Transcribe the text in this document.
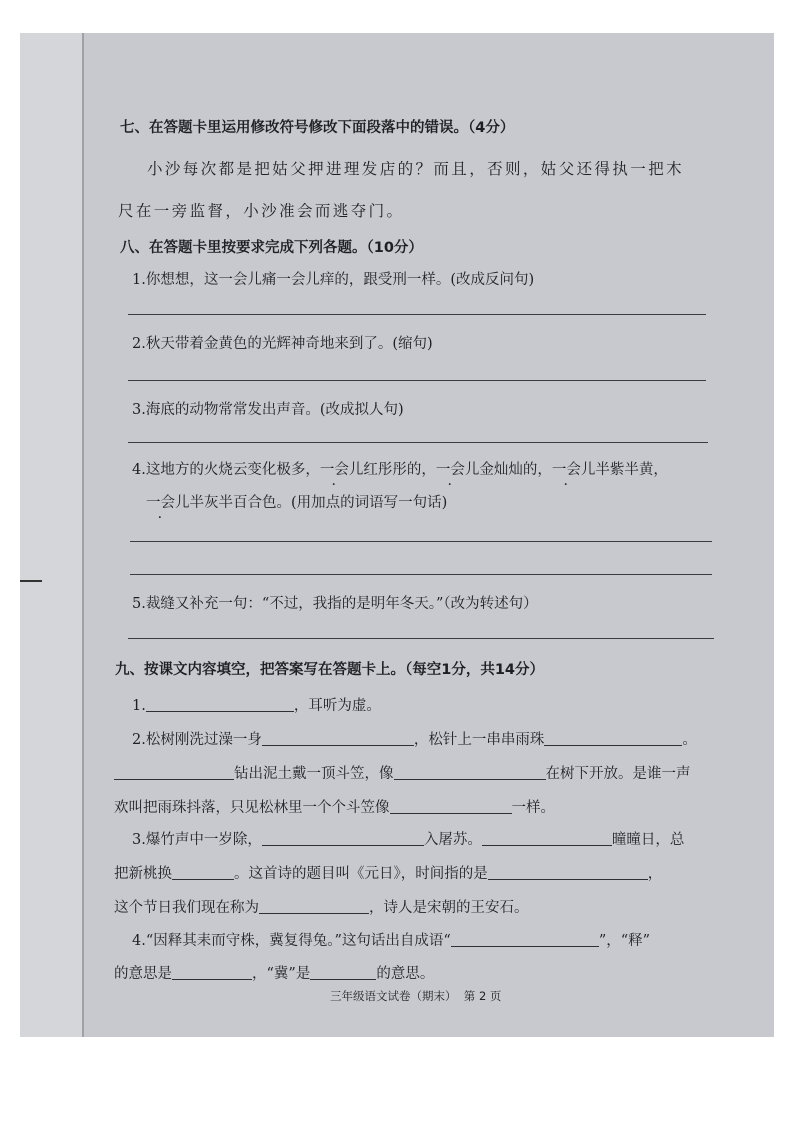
七、在答题卡里运用修改符号修改下面段落中的错误。（4分）
小沙每次都是把姑父押进理发店的？而且，否则，姑父还得执一把木
尺在一旁监督，小沙准会而逃夺门。
八、在答题卡里按要求完成下列各题。（10分）
1.你想想，这一会儿痛一会儿痒的，跟受刑一样。(改成反问句)
2.秋天带着金黄色的光辉神奇地来到了。(缩句)
3.海底的动物常常发出声音。(改成拟人句)
4.这地方的火烧云变化极多，一会儿红彤彤的，一会儿金灿灿的，一会儿半紫半黄，
一会儿半灰半百合色。(用加点的词语写一句话)
5.裁缝又补充一句：“不过，我指的是明年冬天。”（改为转述句）
九、按课文内容填空，把答案写在答题卡上。（每空1分，共14分）
1.	，耳听为虚。
2.松树刚洗过澡一身	，松针上一串串雨珠	。
钻出泥土戴一顶斗笠，像	在树下开放。是谁一声
欢叫把雨珠抖落，只见松林里一个个斗笠像	一样。
3.爆竹声中一岁除，	入屠苏。	曈曈日，总
把新桃换	。这首诗的题目叫《元日》，时间指的是	，
这个节日我们现在称为	，诗人是宋朝的王安石。
4.“因释其耒而守株，冀复得兔。”这句话出自成语“	”，“释”
的意思是	，“冀”是	的意思。
三年级语文试卷（期末）  第 2 页
